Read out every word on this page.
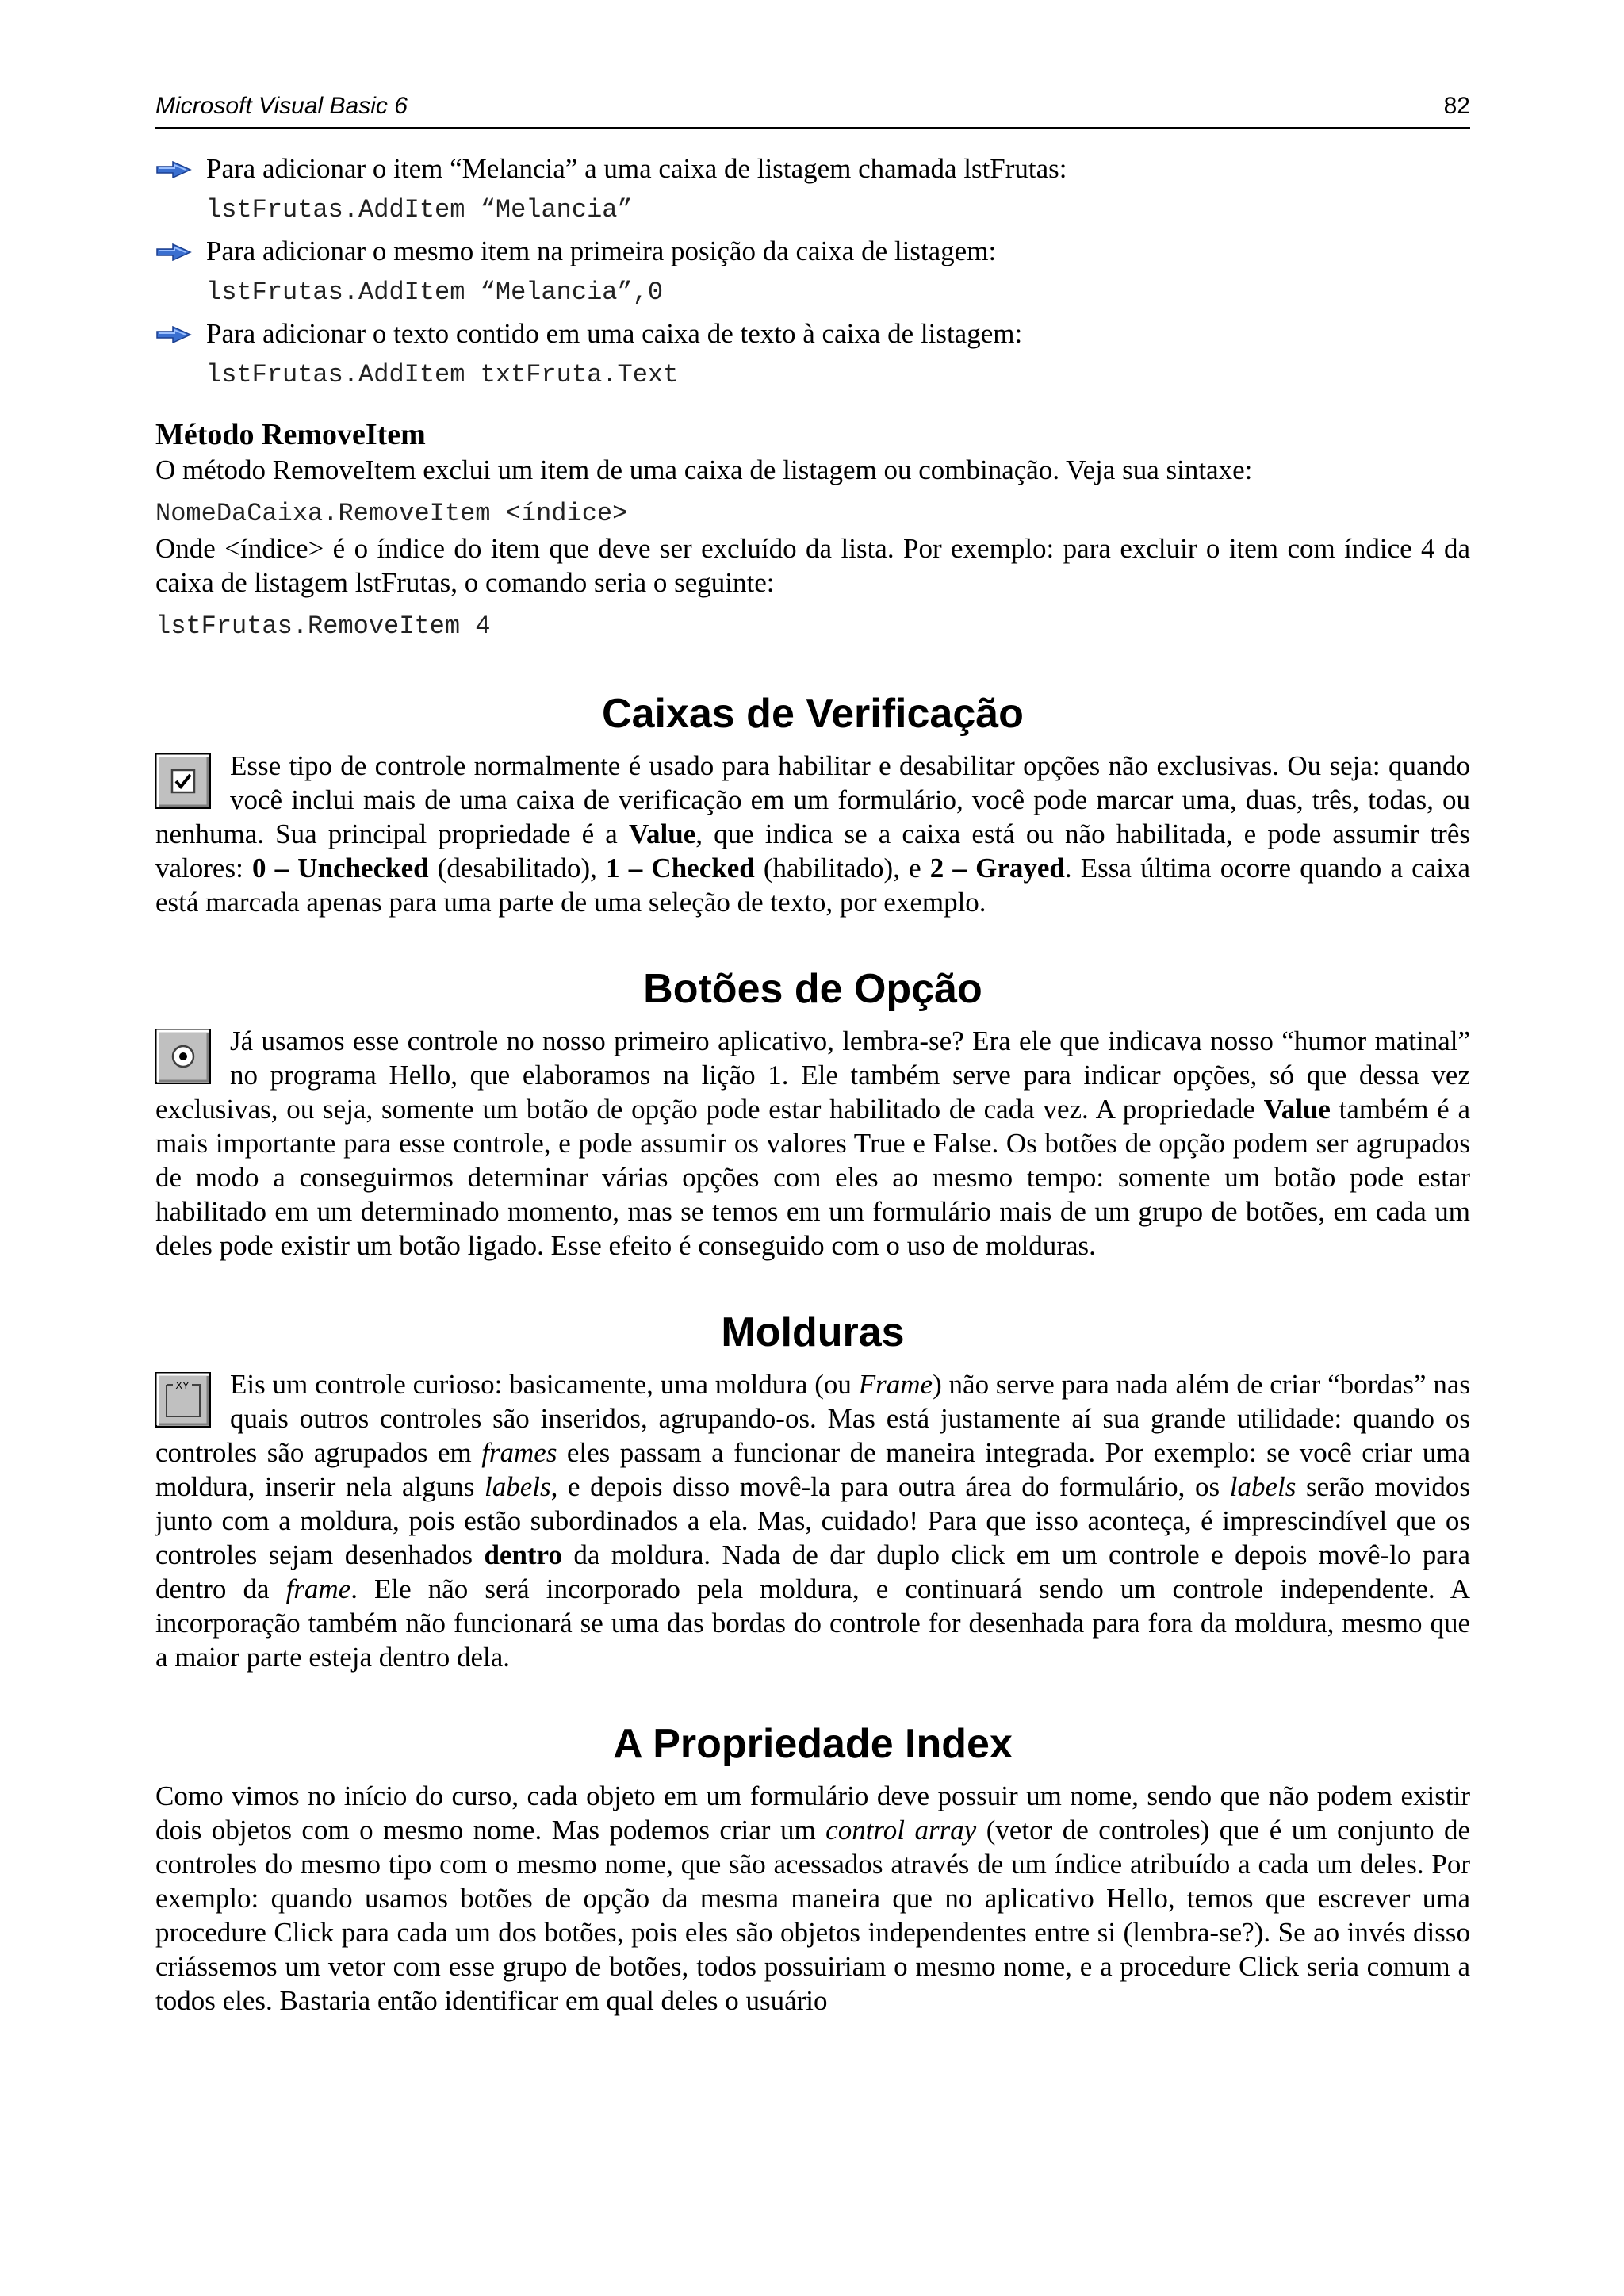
Microsoft Visual Basic 6	82
Para adicionar o item “Melancia” a uma caixa de listagem chamada lstFrutas:
lstFrutas.AddItem “Melancia”
Para adicionar o mesmo item na primeira posição da caixa de listagem:
lstFrutas.AddItem “Melancia”,0
Para adicionar o texto contido em uma caixa de texto à caixa de listagem:
lstFrutas.AddItem txtFruta.Text
Método RemoveItem

O método RemoveItem exclui um item de uma caixa de listagem ou combinação. Veja sua sintaxe:

NomeDaCaixa.RemoveItem <índice>

Onde <índice> é o índice do item que deve ser excluído da lista. Por exemplo: para excluir o item com índice 4 da caixa de listagem lstFrutas, o comando seria o seguinte:

lstFrutas.RemoveItem 4
Caixas de Verificação

Esse tipo de controle normalmente é usado para habilitar e desabilitar opções não exclusivas. Ou seja: quando você inclui mais de uma caixa de verificação em um formulário, você pode marcar uma, duas, três, todas, ou nenhuma. Sua principal propriedade é a Value, que indica se a caixa está ou não habilitada, e pode assumir três valores: 0 – Unchecked (desabilitado), 1 – Checked (habilitado), e 2 – Grayed. Essa última ocorre quando a caixa está marcada apenas para uma parte de uma seleção de texto, por exemplo.

Botões de Opção

Já usamos esse controle no nosso primeiro aplicativo, lembra-se? Era ele que indicava nosso “humor matinal” no programa Hello, que elaboramos na lição 1. Ele também serve para indicar opções, só que dessa vez exclusivas, ou seja, somente um botão de opção pode estar habilitado de cada vez. A propriedade Value também é a mais importante para esse controle, e pode assumir os valores True e False. Os botões de opção podem ser agrupados de modo a conseguirmos determinar várias opções com eles ao mesmo tempo: somente um botão pode estar habilitado em um determinado momento, mas se temos em um formulário mais de um grupo de botões, em cada um deles pode existir um botão ligado. Esse efeito é conseguido com o uso de molduras.

Molduras

XY Eis um controle curioso: basicamente, uma moldura (ou Frame) não serve para nada além de criar “bordas” nas quais outros controles são inseridos, agrupando-os. Mas está justamente aí sua grande utilidade: quando os controles são agrupados em frames eles passam a funcionar de maneira integrada. Por exemplo: se você criar uma moldura, inserir nela alguns labels, e depois disso movê-la para outra área do formulário, os labels serão movidos junto com a moldura, pois estão subordinados a ela. Mas, cuidado! Para que isso aconteça, é imprescindível que os controles sejam desenhados dentro da moldura. Nada de dar duplo click em um controle e depois movê-lo para dentro da frame. Ele não será incorporado pela moldura, e continuará sendo um controle independente. A incorporação também não funcionará se uma das bordas do controle for desenhada para fora da moldura, mesmo que a maior parte esteja dentro dela.

A Propriedade Index

Como vimos no início do curso, cada objeto em um formulário deve possuir um nome, sendo que não podem existir dois objetos com o mesmo nome. Mas podemos criar um control array (vetor de controles) que é um conjunto de controles do mesmo tipo com o mesmo nome, que são acessados através de um índice atribuído a cada um deles. Por exemplo: quando usamos botões de opção da mesma maneira que no aplicativo Hello, temos que escrever uma procedure Click para cada um dos botões, pois eles são objetos independentes entre si (lembra-se?). Se ao invés disso criássemos um vetor com esse grupo de botões, todos possuiriam o mesmo nome, e a procedure Click seria comum a todos eles. Bastaria então identificar em qual deles o usuário
